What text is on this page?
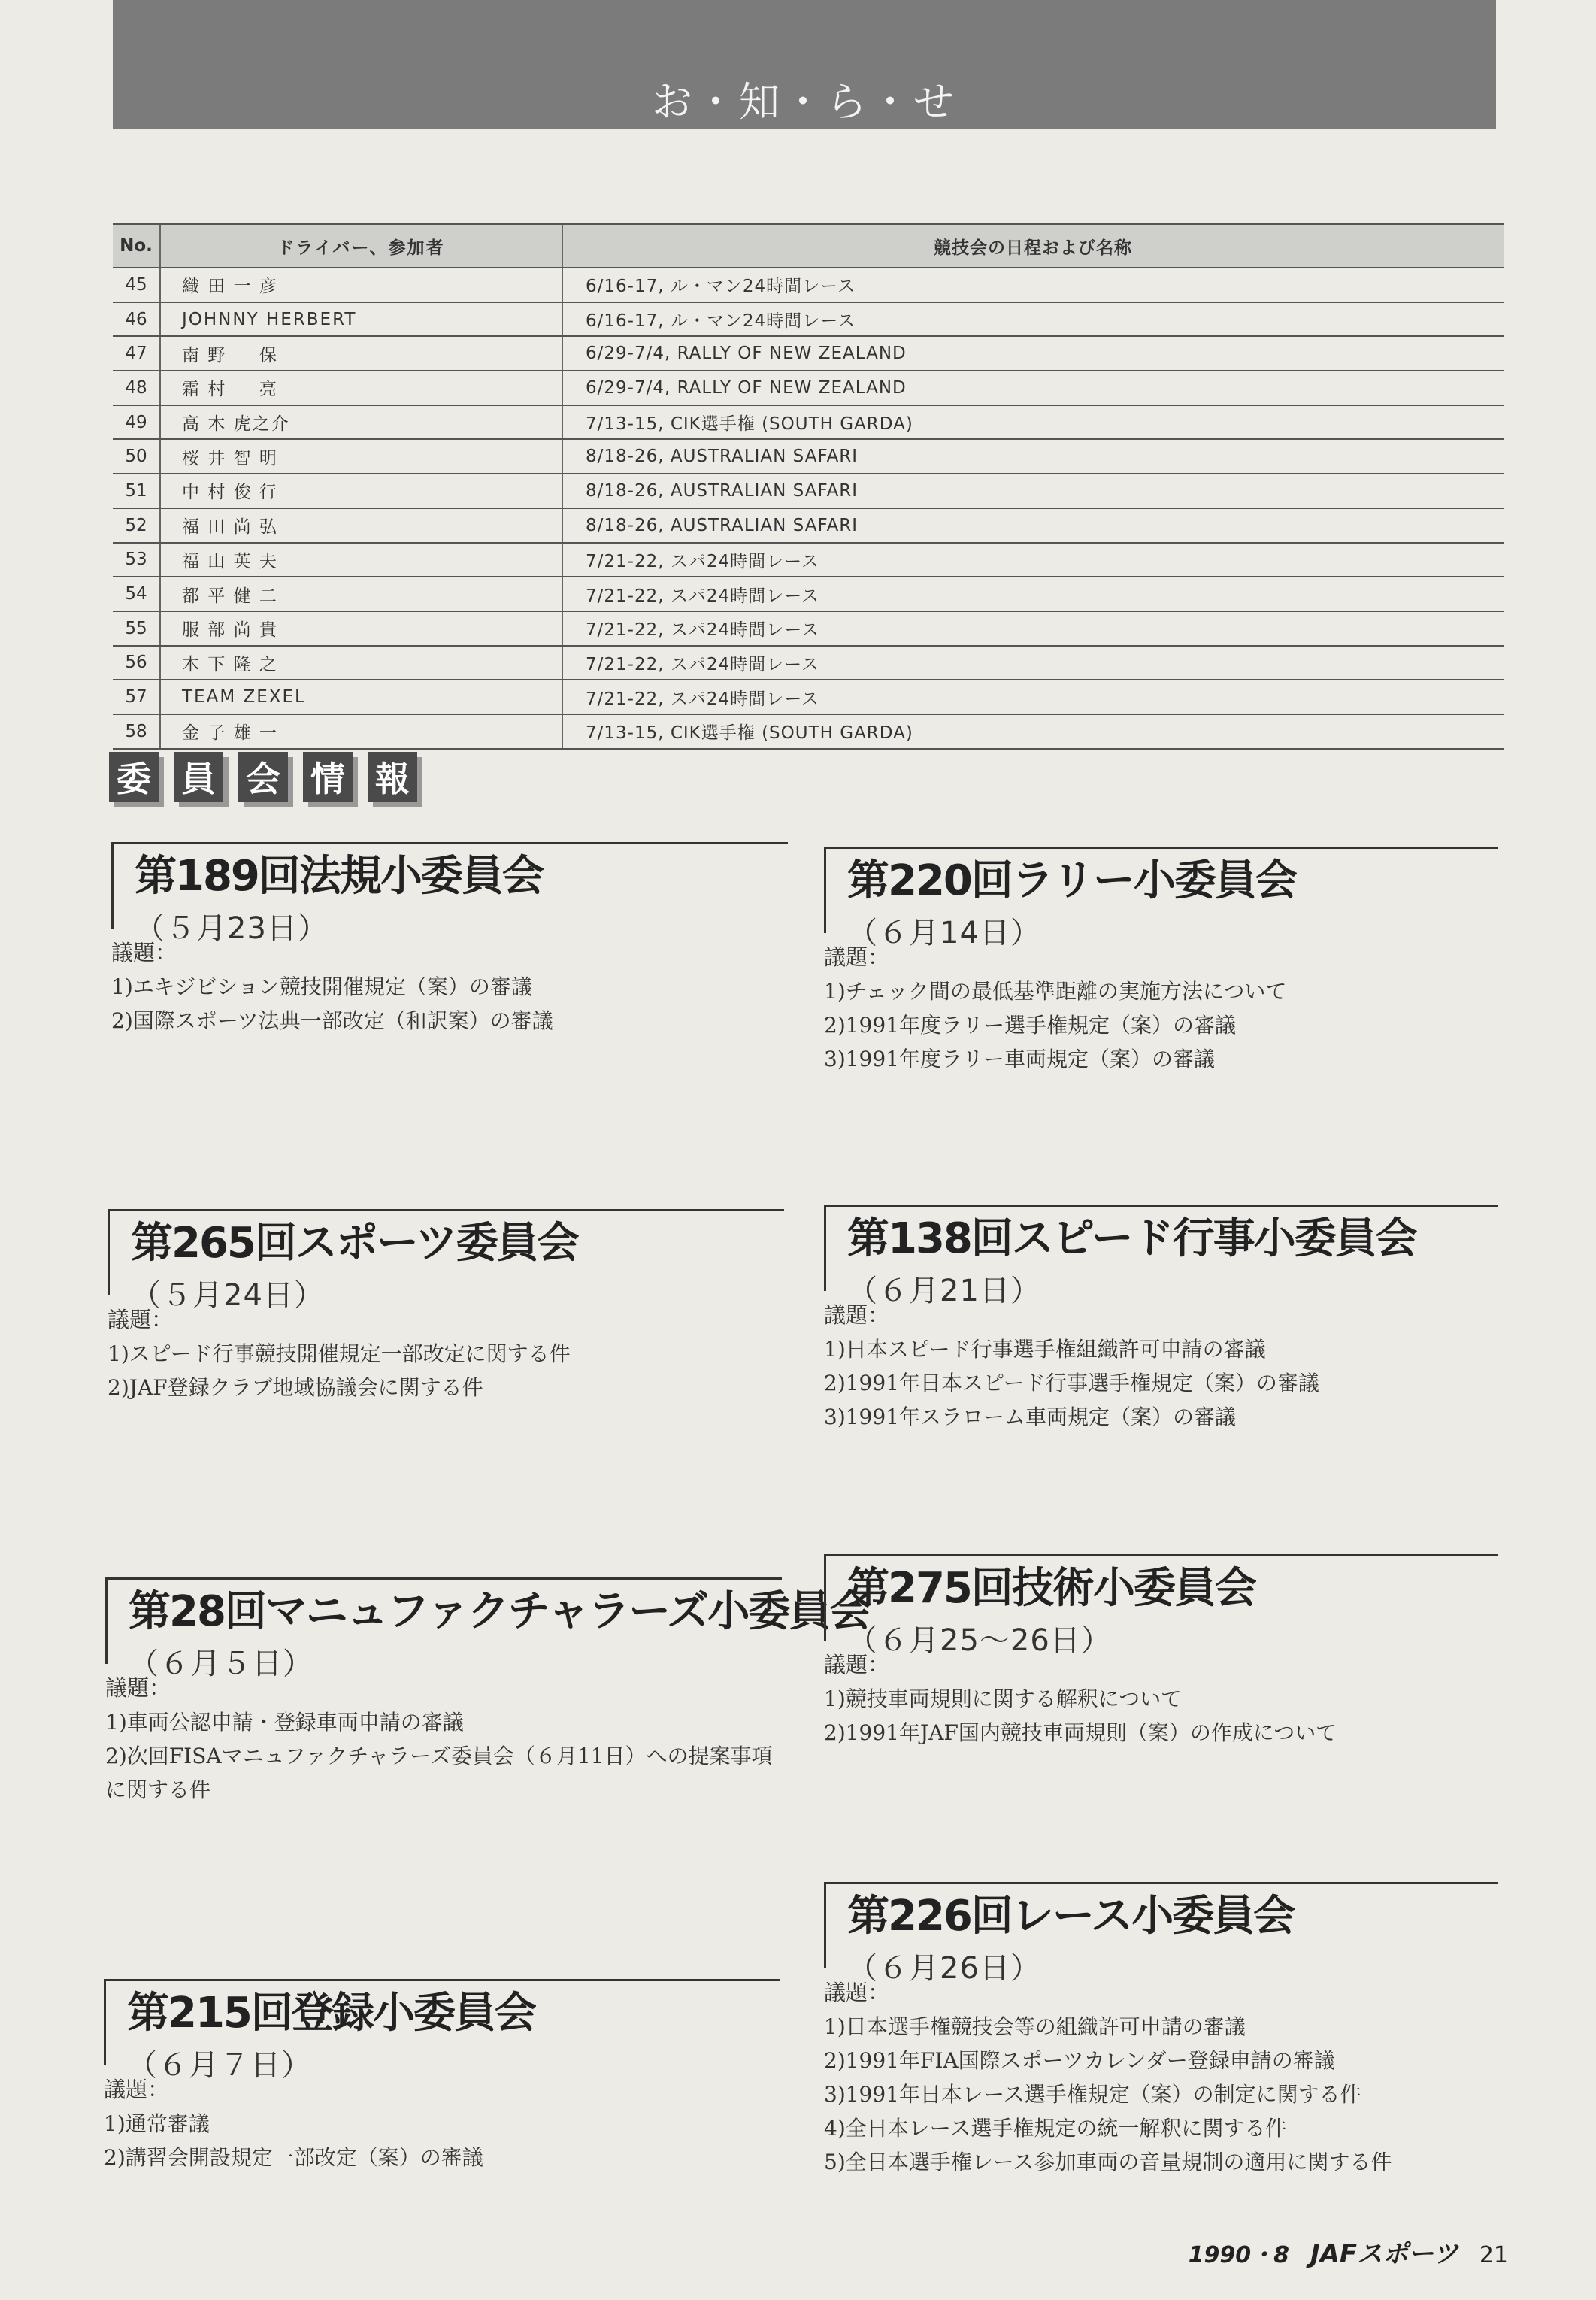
お・知・ら・せ
No.	ドライバー、参加者	競技会の日程および名称
45	織 田 一 彦	6/16-17, ル・マン24時間レース
46	JOHNNY HERBERT	6/16-17, ル・マン24時間レース
47	南 野 　 保	6/29-7/4, RALLY OF NEW ZEALAND
48	霜 村 　 亮	6/29-7/4, RALLY OF NEW ZEALAND
49	高 木 虎之介	7/13-15, CIK選手権 (SOUTH GARDA)
50	桜 井 智 明	8/18-26, AUSTRALIAN SAFARI
51	中 村 俊 行	8/18-26, AUSTRALIAN SAFARI
52	福 田 尚 弘	8/18-26, AUSTRALIAN SAFARI
53	福 山 英 夫	7/21-22, スパ24時間レース
54	都 平 健 二	7/21-22, スパ24時間レース
55	服 部 尚 貴	7/21-22, スパ24時間レース
56	木 下 隆 之	7/21-22, スパ24時間レース
57	TEAM ZEXEL	7/21-22, スパ24時間レース
58	金 子 雄 一	7/13-15, CIK選手権 (SOUTH GARDA)
委 員 会 情 報
第189回法規小委員会
（５月23日）
議題：
1)エキジビション競技開催規定（案）の審議
2)国際スポーツ法典一部改定（和訳案）の審議
第265回スポーツ委員会
（５月24日）
議題：
1)スピード行事競技開催規定一部改定に関する件
2)JAF登録クラブ地域協議会に関する件
第28回マニュファクチャラーズ小委員会
（６月５日）
議題：
1)車両公認申請・登録車両申請の審議
2)次回FISAマニュファクチャラーズ委員会（６月11日）への提案事項に関する件
第215回登録小委員会
（６月７日）
議題：
1)通常審議
2)講習会開設規定一部改定（案）の審議
第220回ラリー小委員会
（６月14日）
議題：
1)チェック間の最低基準距離の実施方法について
2)1991年度ラリー選手権規定（案）の審議
3)1991年度ラリー車両規定（案）の審議
第138回スピード行事小委員会
（６月21日）
議題：
1)日本スピード行事選手権組織許可申請の審議
2)1991年日本スピード行事選手権規定（案）の審議
3)1991年スラローム車両規定（案）の審議
第275回技術小委員会
（６月25〜26日）
議題：
1)競技車両規則に関する解釈について
2)1991年JAF国内競技車両規則（案）の作成について
第226回レース小委員会
（６月26日）
議題：
1)日本選手権競技会等の組織許可申請の審議
2)1991年FIA国際スポーツカレンダー登録申請の審議
3)1991年日本レース選手権規定（案）の制定に関する件
4)全日本レース選手権規定の統一解釈に関する件
5)全日本選手権レース参加車両の音量規制の適用に関する件
1990・8 JAFスポーツ 21
